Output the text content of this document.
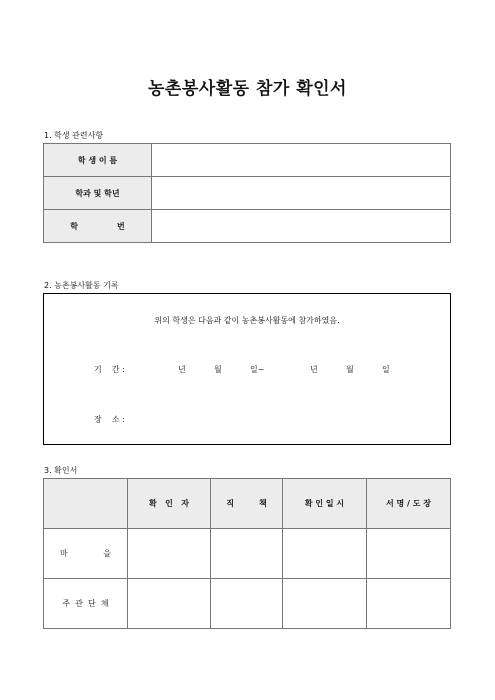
농촌봉사활동 참가 확인서
1. 학생 관련사항
학 생 이 름	
학과 및 학년	
학              번	
2. 농촌봉사활동 기록
위의 학생은 다음과 같이 농촌봉사활동에 참가하였음.
기    간 :	년	월	일~	년	월	일
장    소 :
3. 확인서
	확   인   자	직         책	확 인 일 시	서 명 / 도 장
마              을				
주  관  단  체				
